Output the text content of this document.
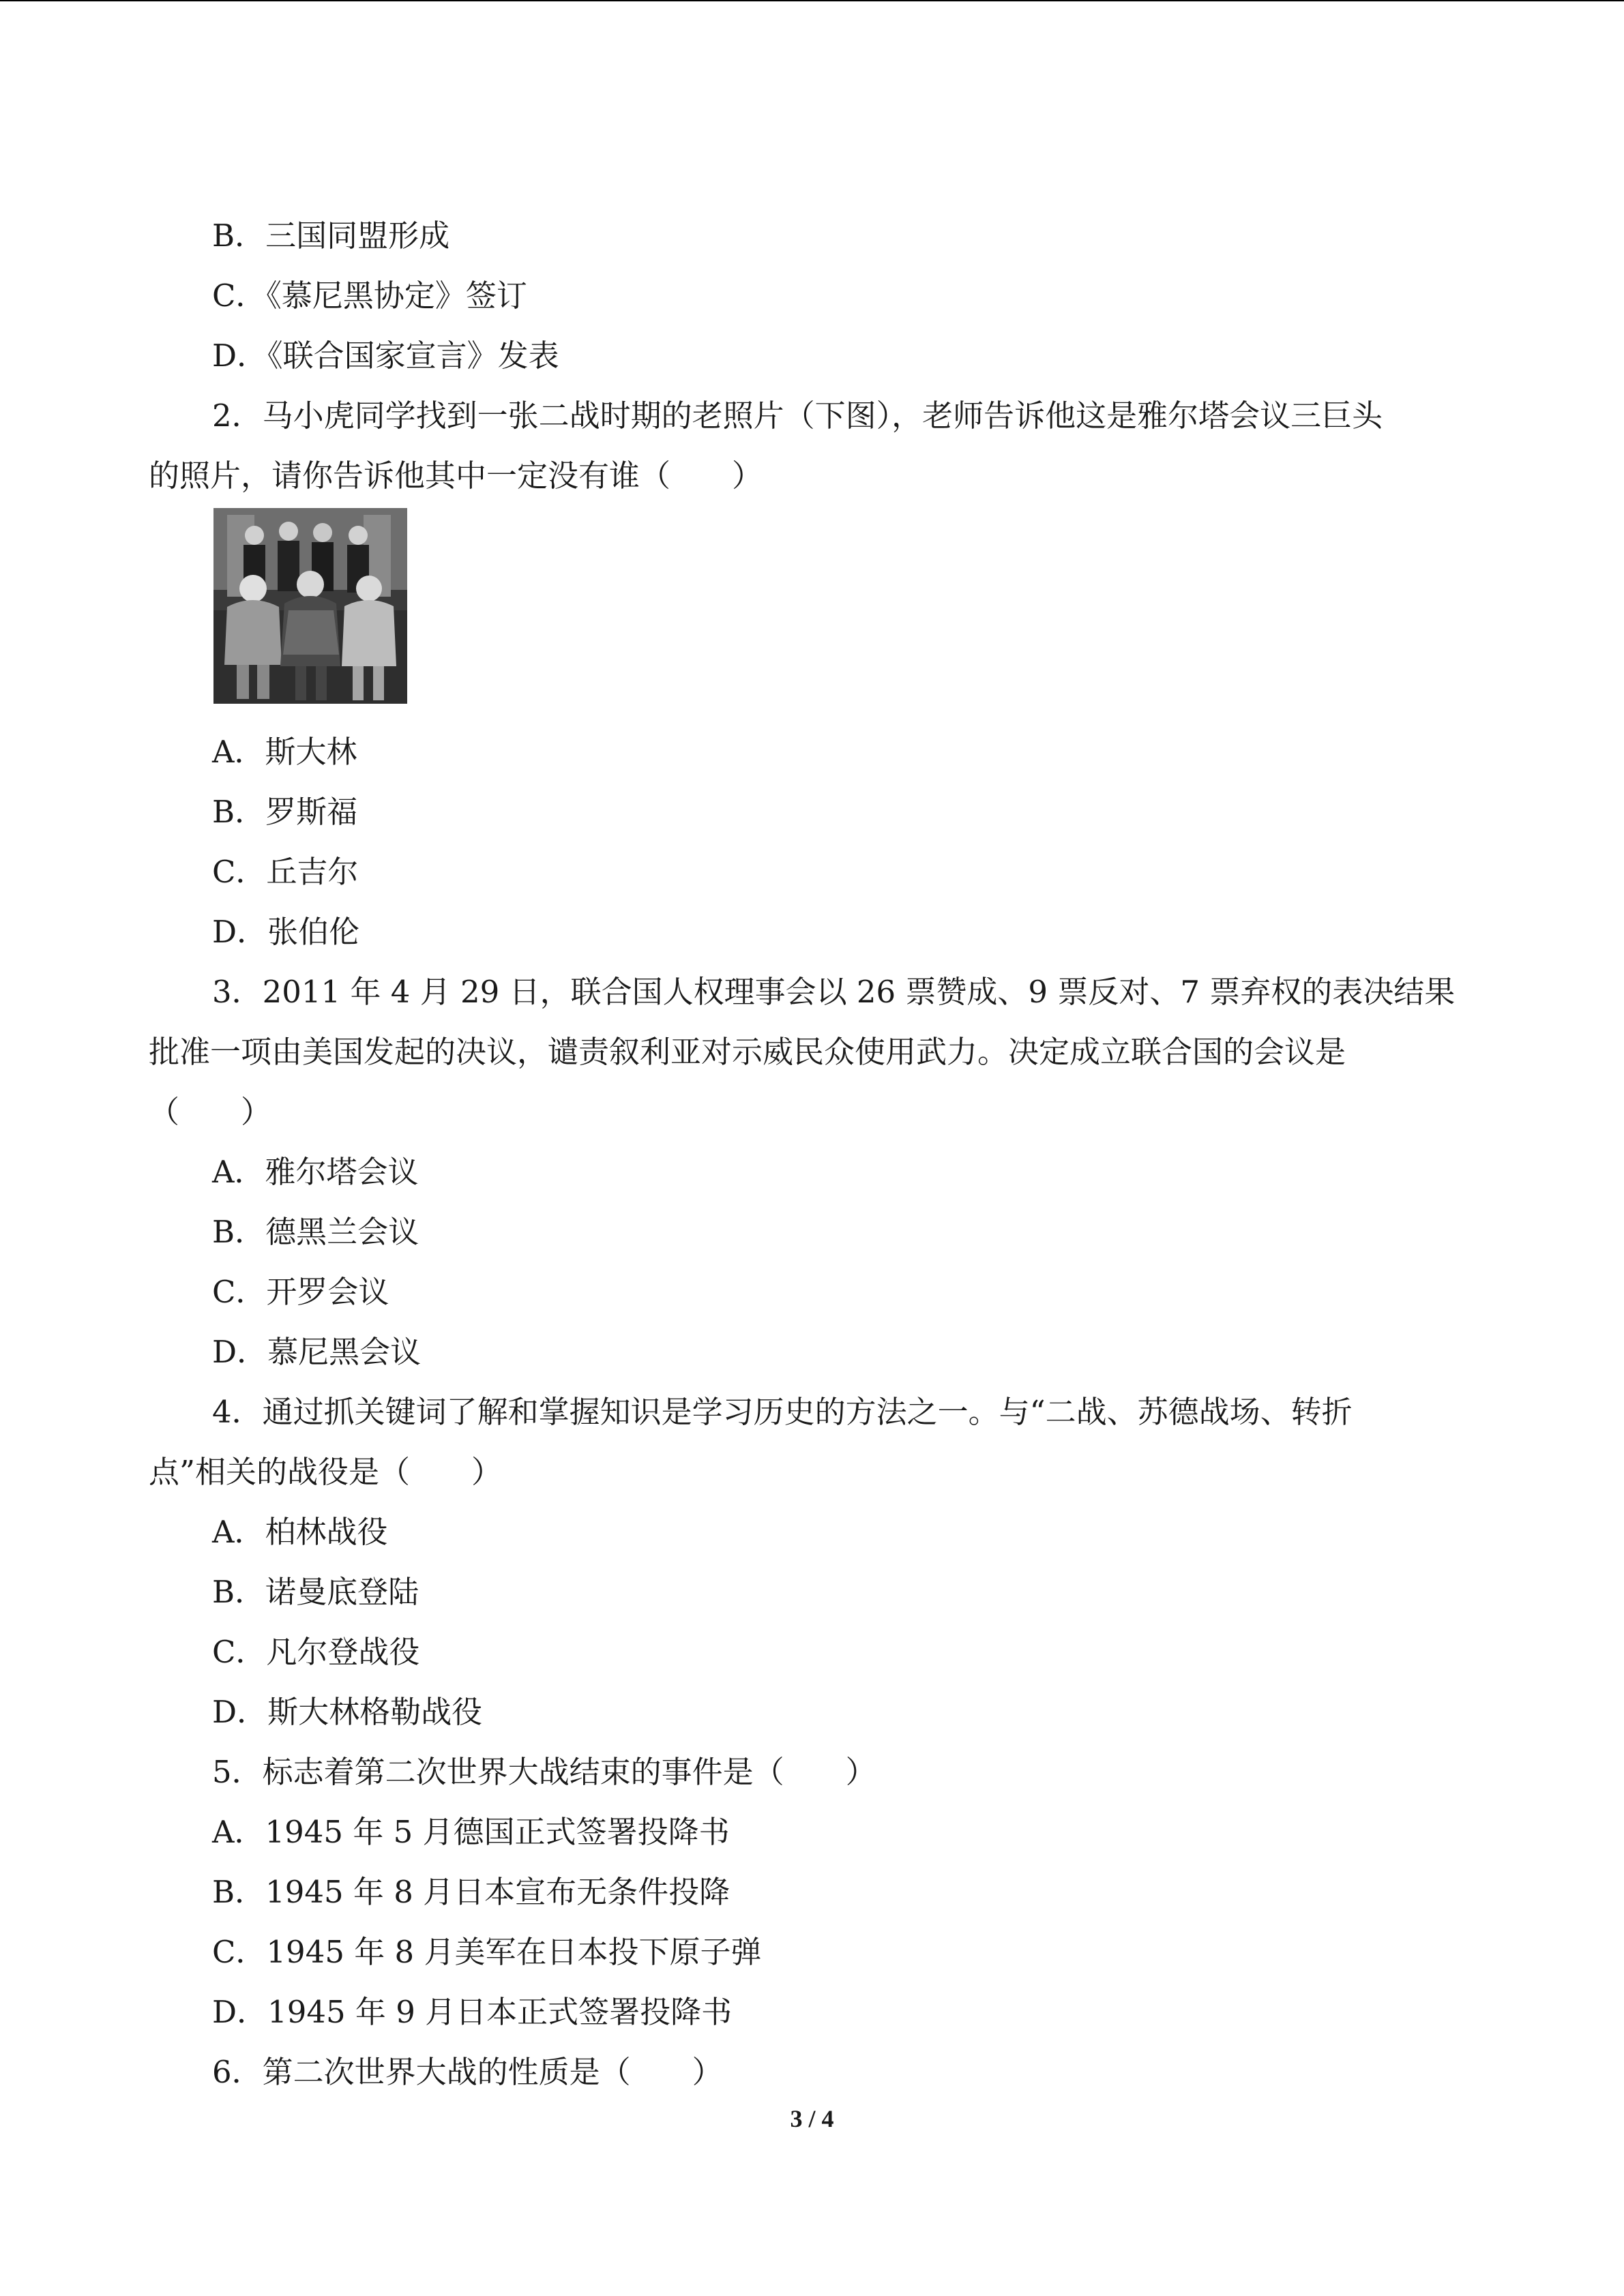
B．三国同盟形成
C．《慕尼黑协定》签订
D．《联合国家宣言》发表
2．马小虎同学找到一张二战时期的老照片（下图），老师告诉他这是雅尔塔会议三巨头
的照片，请你告诉他其中一定没有谁（　　）
A．斯大林
B．罗斯福
C．丘吉尔
D．张伯伦
3．2011 年 4 月 29 日，联合国人权理事会以 26 票赞成、9 票反对、7 票弃权的表决结果
批准一项由美国发起的决议，谴责叙利亚对示威民众使用武力。决定成立联合国的会议是
（　　）
A．雅尔塔会议
B．德黑兰会议
C．开罗会议
D．慕尼黑会议
4．通过抓关键词了解和掌握知识是学习历史的方法之一。与“二战、苏德战场、转折
点”相关的战役是（　　）
A．柏林战役
B．诺曼底登陆
C．凡尔登战役
D．斯大林格勒战役
5．标志着第二次世界大战结束的事件是（　　）
A．1945 年 5 月德国正式签署投降书
B．1945 年 8 月日本宣布无条件投降
C．1945 年 8 月美军在日本投下原子弹
D．1945 年 9 月日本正式签署投降书
6．第二次世界大战的性质是（　　）
3 / 4
